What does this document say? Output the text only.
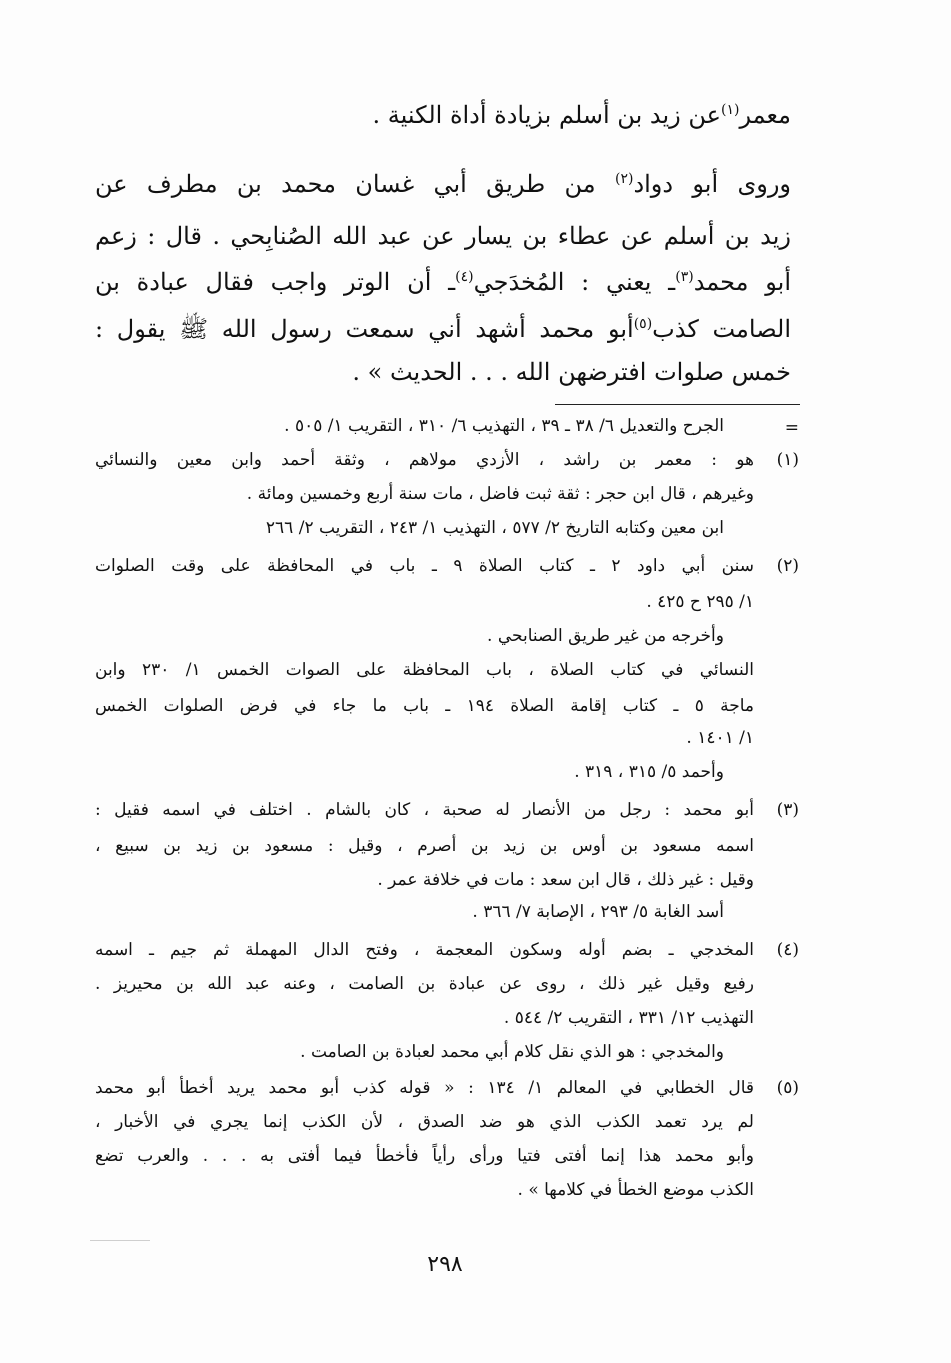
معمر$^{(١)}$عن زيد بن أسلم بزيادة أداة الكنية .
وروى أبو دواد$^{(٢)}$ من طريق أبي غسان محمد بن مطرف عن
زيد بن أسلم عن عطاء بن يسار عن عبد الله الصُنابِحي . قال : زعم
أبو محمد$^{(٣)}$ـ يعني : المُخدَجي$^{(٤)}$ـ أن الوتر واجب فقال عبادة بن
الصامت كذب$^{(٥)}$أبو محمد أشهد أني سمعت رسول الله ﷺ يقول :
خمس صلوات افترضهن الله . . . الحديث » .
=
الجرح والتعديل ٦/ ٣٨ ـ ٣٩ ، التهذيب ٦/ ٣١٠ ، التقريب ١/ ٥٠٥ .
(١)
هو : معمر بن راشد ، الأزدي مولاهم ، وثقة أحمد وابن معين والنسائي
وغيرهم ، قال ابن حجر : ثقة ثبت فاضل ، مات سنة أربع وخمسين ومائة .
ابن معين وكتابه التاريخ ٢/ ٥٧٧ ، التهذيب ١/ ٢٤٣ ، التقريب ٢/ ٢٦٦
(٢)
سنن أبي داود ٢ ـ كتاب الصلاة ٩ ـ باب في المحافظة على وقت الصلوات
١/ ٢٩٥ ح ٤٢٥ .
وأخرجه من غير طريق الصنابحي .
النسائي في كتاب الصلاة ، باب المحافظة على الصوات الخمس ١/ ٢٣٠ وابن
ماجة ٥ ـ كتاب إقامة الصلاة ١٩٤ ـ باب ما جاء في فرض الصلوات الخمس
١/ ١٤٠١ .
وأحمد ٥/ ٣١٥ ، ٣١٩ .
(٣)
أبو محمد : رجل من الأنصار له صحبة ، كان بالشام . اختلف في اسمه فقيل :
اسمه مسعود بن أوس بن زيد بن أصرم ، وقيل : مسعود بن زيد بن سبيع ،
وقيل : غير ذلك ، قال ابن سعد : مات في خلافة عمر .
أسد الغابة ٥/ ٢٩٣ ، الإصابة ٧/ ٣٦٦ .
(٤)
المخدجي ـ بضم أوله وسكون المعجمة ، وفتح الدال المهملة ثم جيم ـ اسمه
رفيع وقيل غير ذلك ، روى عن عبادة بن الصامت ، وعنه عبد الله بن محيريز .
التهذيب ١٢/ ٣٣١ ، التقريب ٢/ ٥٤٤ .
والمخدجي : هو الذي نقل كلام أبي محمد لعبادة بن الصامت .
(٥)
قال الخطابي في المعالم ١/ ١٣٤ : « قوله كذب أبو محمد يريد أخطأ أبو محمد
لم يرد تعمد الكذب الذي هو ضد الصدق ، لأن الكذب إنما يجري في الأخبار ،
وأبو محمد هذا إنما أفتى فتيا ورأى رأياً فأخطأ فيما أفتى به . . . والعرب تضع
الكذب موضع الخطأ في كلامها » .
٢٩٨
